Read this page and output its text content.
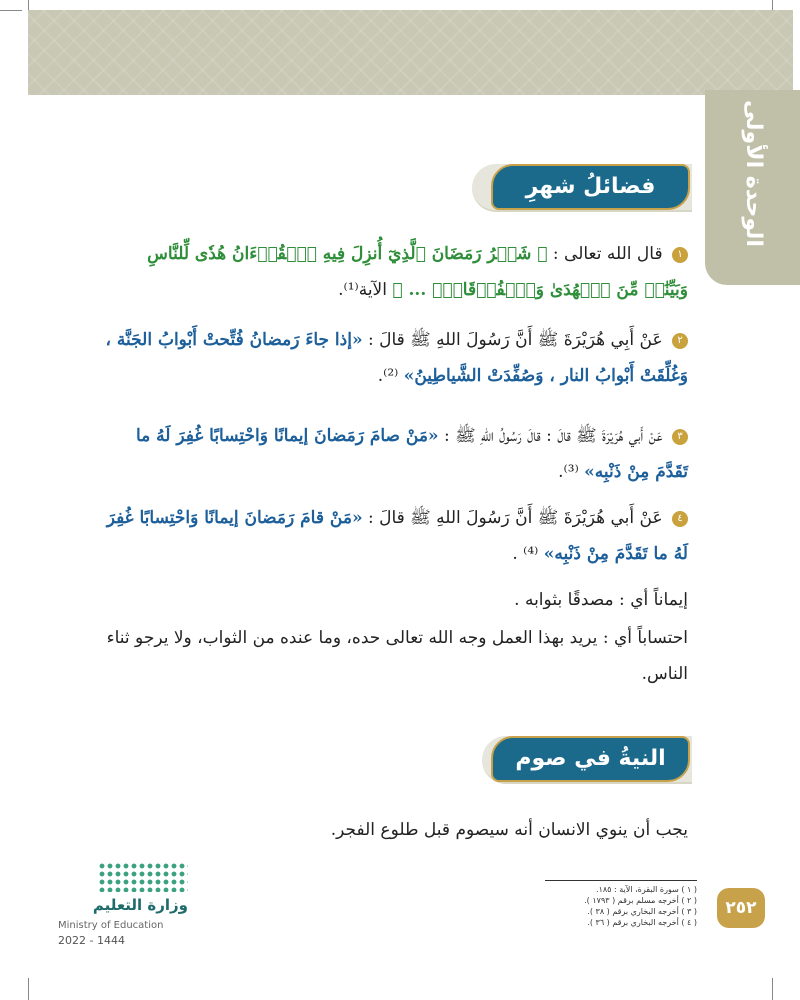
الوحدة الأولى
فضائلُ شهرِ رمضانَ
١ قال الله تعالى : ﴿ شَهۡرُ رَمَضَانَ ٱلَّذِيٓ أُنزِلَ فِيهِ ٱلۡقُرۡءَانُ هُدٗى لِّلنَّاسِ وَبَيِّنَٰتٖ مِّنَ ٱلۡهُدَىٰ وَٱلۡفُرۡقَانِۚ ... ﴾ الآية⁽¹⁾.
٢ عَنْ أَبِي هُرَيْرَةَ ﷺ أَنَّ رَسُولَ اللهِ ﷺ قالَ : «إذا جاءَ رَمضانُ فُتِّحتْ أَبْوابُ الجَنَّة ، وَغُلِّقَتْ أَبْوابُ النار ، وَصُفِّدَتْ الشَّياطِينُ» ⁽²⁾.
٣ عَنْ أَبي هُرَيْرَةَ ﷺ قالَ : قالَ رَسُولُ اللهِ ﷺ : «مَنْ صامَ رَمَضانَ إيمانًا وَاحْتِسابًا غُفِرَ لَهُ ما تَقَدَّمَ مِنْ ذَنْبِه» ⁽³⁾.
٤ عَنْ أَبي هُرَيْرَةَ ﷺ أَنَّ رَسُولَ اللهِ ﷺ قالَ : «مَنْ قامَ رَمَضانَ إيمانًا وَاحْتِسابًا غُفِرَ لَهُ ما تَقَدَّمَ مِنْ ذَنْبِه» ⁽⁴⁾ .
إيماناً أي : مصدقًا بثوابه .
احتساباً أي : يريد بهذا العمل وجه الله تعالى حده، وما عنده من الثواب، ولا يرجو ثناء الناس.
النيةُ في صوم رمضان
يجب أن ينوي الانسان أنه سيصوم قبل طلوع الفجر.
( ١ ) سورة البقرة، الآية : ١٨٥.
( ٢ ) أخرجه مسلم برقم ( ١٧٩٣ ).
( ٣ ) أخرجه البخاري برقم ( ٣٨ ).
( ٤ ) أخرجه البخاري برقم ( ٣٦ ).
٢٥٢
وزارة التعليم
Ministry of Education
2022 - 1444
